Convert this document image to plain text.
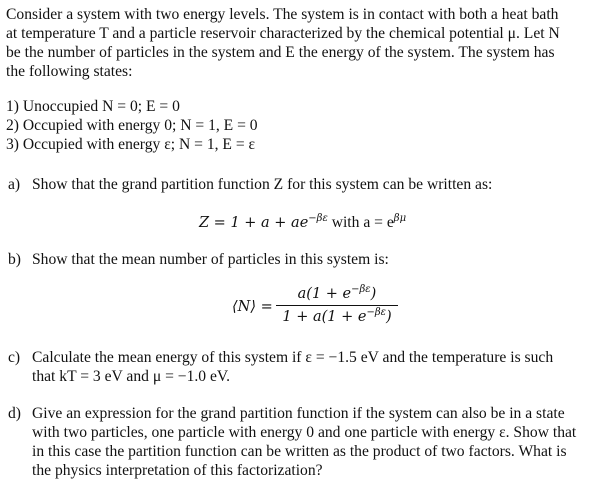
Consider a system with two energy levels. The system is in contact with both a heat bath
at temperature T and a particle reservoir characterized by the chemical potential μ. Let N
be the number of particles in the system and E the energy of the system. The system has
the following states:
1) Unoccupied N = 0; E = 0
2) Occupied with energy 0; N = 1, E = 0
3) Occupied with energy ε; N = 1, E = ε
a) Show that the grand partition function Z for this system can be written as:
$Z = 1 + a + ae^{-\beta\varepsilon}$ with $a = e^{\beta\mu}$
b) Show that the mean number of particles in this system is:
⟨N⟩ =
$a(1 + e^{-\beta\varepsilon})$
$1 + a(1 + e^{-\beta\varepsilon})$
c) Calculate the mean energy of this system if ε = −1.5 eV and the temperature is such
that kT = 3 eV and μ = −1.0 eV.
d) Give an expression for the grand partition function if the system can also be in a state
with two particles, one particle with energy 0 and one particle with energy ε. Show that
in this case the partition function can be written as the product of two factors. What is
the physics interpretation of this factorization?
